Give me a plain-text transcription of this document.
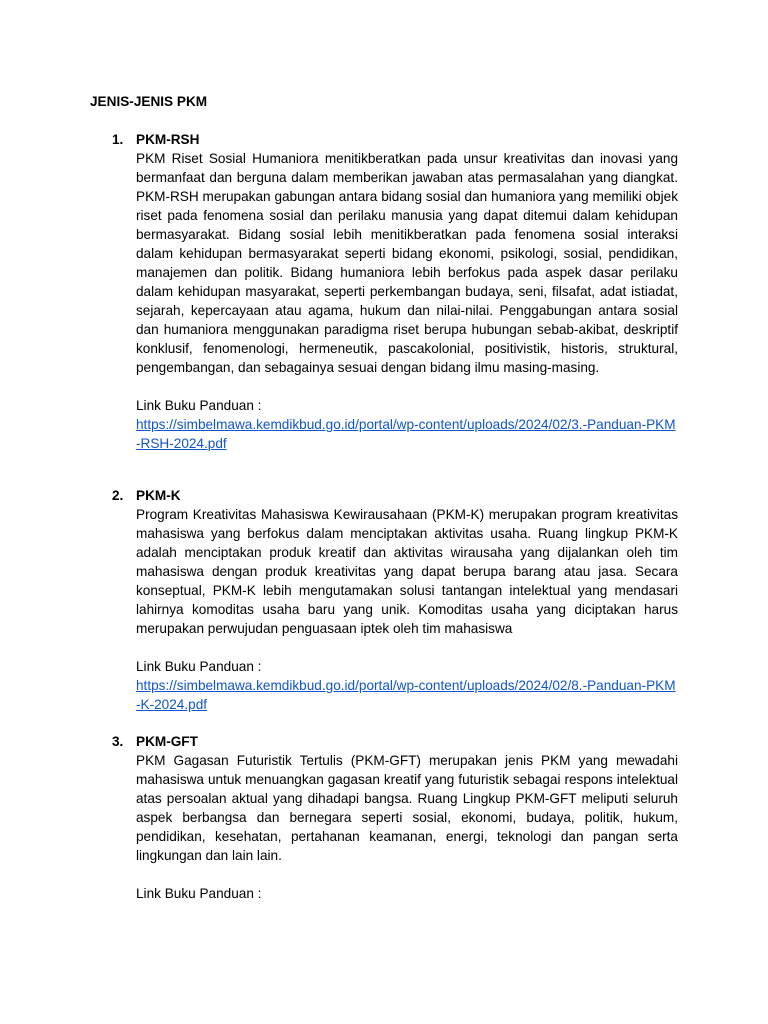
JENIS-JENIS PKM
1. PKM-RSH

PKM Riset Sosial Humaniora menitikberatkan pada unsur kreativitas dan inovasi yang bermanfaat dan berguna dalam memberikan jawaban atas permasalahan yang diangkat. PKM-RSH merupakan gabungan antara bidang sosial dan humaniora yang memiliki objek riset pada fenomena sosial dan perilaku manusia yang dapat ditemui dalam kehidupan bermasyarakat. Bidang sosial lebih menitikberatkan pada fenomena sosial interaksi dalam kehidupan bermasyarakat seperti bidang ekonomi, psikologi, sosial, pendidikan, manajemen dan politik. Bidang humaniora lebih berfokus pada aspek dasar perilaku dalam kehidupan masyarakat, seperti perkembangan budaya, seni, filsafat, adat istiadat, sejarah, kepercayaan atau agama, hukum dan nilai-nilai. Penggabungan antara sosial dan humaniora menggunakan paradigma riset berupa hubungan sebab-akibat, deskriptif konklusif, fenomenologi, hermeneutik, pascakolonial, positivistik, historis, struktural, pengembangan, dan sebagainya sesuai dengan bidang ilmu masing-masing.

Link Buku Panduan :

https://simbelmawa.kemdikbud.go.id/portal/wp-content/uploads/2024/02/3.-Panduan-PKM-RSH-2024.pdf
2. PKM-K

Program Kreativitas Mahasiswa Kewirausahaan (PKM-K) merupakan program kreativitas mahasiswa yang berfokus dalam menciptakan aktivitas usaha. Ruang lingkup PKM-K adalah menciptakan produk kreatif dan aktivitas wirausaha yang dijalankan oleh tim mahasiswa dengan produk kreativitas yang dapat berupa barang atau jasa. Secara konseptual, PKM-K lebih mengutamakan solusi tantangan intelektual yang mendasari lahirnya komoditas usaha baru yang unik. Komoditas usaha yang diciptakan harus merupakan perwujudan penguasaan iptek oleh tim mahasiswa

Link Buku Panduan :

https://simbelmawa.kemdikbud.go.id/portal/wp-content/uploads/2024/02/8.-Panduan-PKM-K-2024.pdf
3. PKM-GFT

PKM Gagasan Futuristik Tertulis (PKM-GFT) merupakan jenis PKM yang mewadahi mahasiswa untuk menuangkan gagasan kreatif yang futuristik sebagai respons intelektual atas persoalan aktual yang dihadapi bangsa. Ruang Lingkup PKM-GFT meliputi seluruh aspek berbangsa dan bernegara seperti sosial, ekonomi, budaya, politik, hukum, pendidikan, kesehatan, pertahanan keamanan, energi, teknologi dan pangan serta lingkungan dan lain lain.

Link Buku Panduan :
